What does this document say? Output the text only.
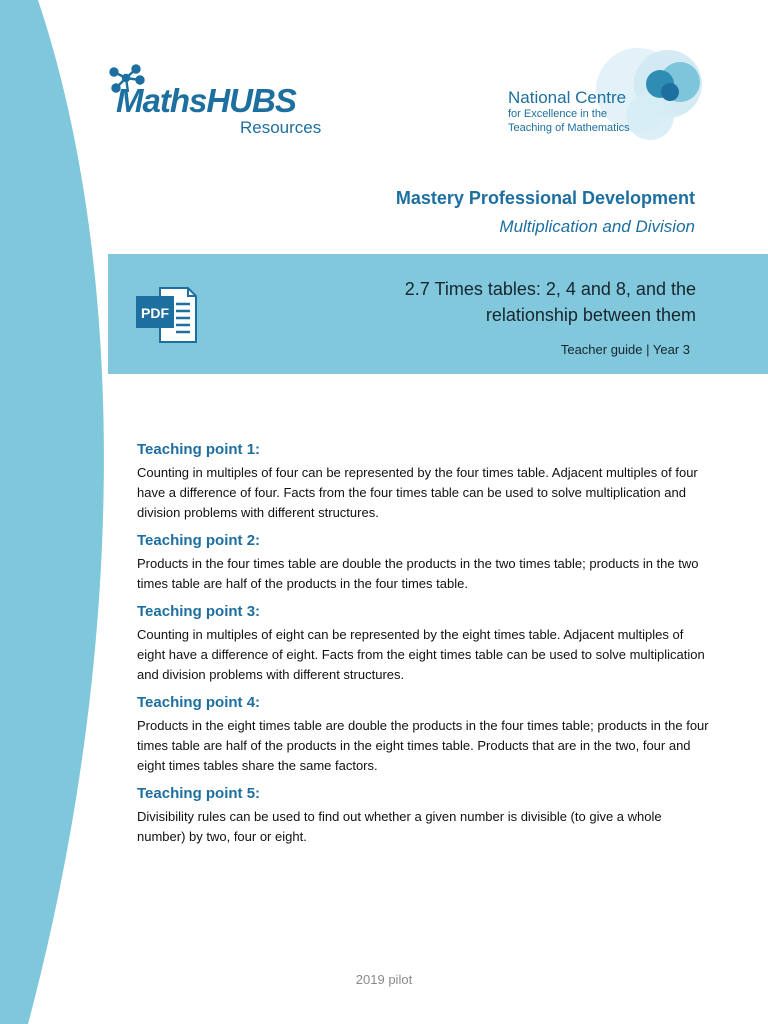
MathsHUBS
Resources
National Centre
for Excellence in the
Teaching of Mathematics
Mastery Professional Development
Multiplication and Division
PDF
2.7 Times tables: 2, 4 and 8, and the
relationship between them
Teacher guide | Year 3
Teaching point 1:

Counting in multiples of four can be represented by the four times table. Adjacent multiples of four have a difference of four. Facts from the four times table can be used to solve multiplication and division problems with different structures.

Teaching point 2:

Products in the four times table are double the products in the two times table; products in the two times table are half of the products in the four times table.

Teaching point 3:

Counting in multiples of eight can be represented by the eight times table. Adjacent multiples of eight have a difference of eight. Facts from the eight times table can be used to solve multiplication and division problems with different structures.

Teaching point 4:

Products in the eight times table are double the products in the four times table; products in the four times table are half of the products in the eight times table. Products that are in the two, four and eight times tables share the same factors.

Teaching point 5:

Divisibility rules can be used to find out whether a given number is divisible (to give a whole number) by two, four or eight.

2019 pilot
